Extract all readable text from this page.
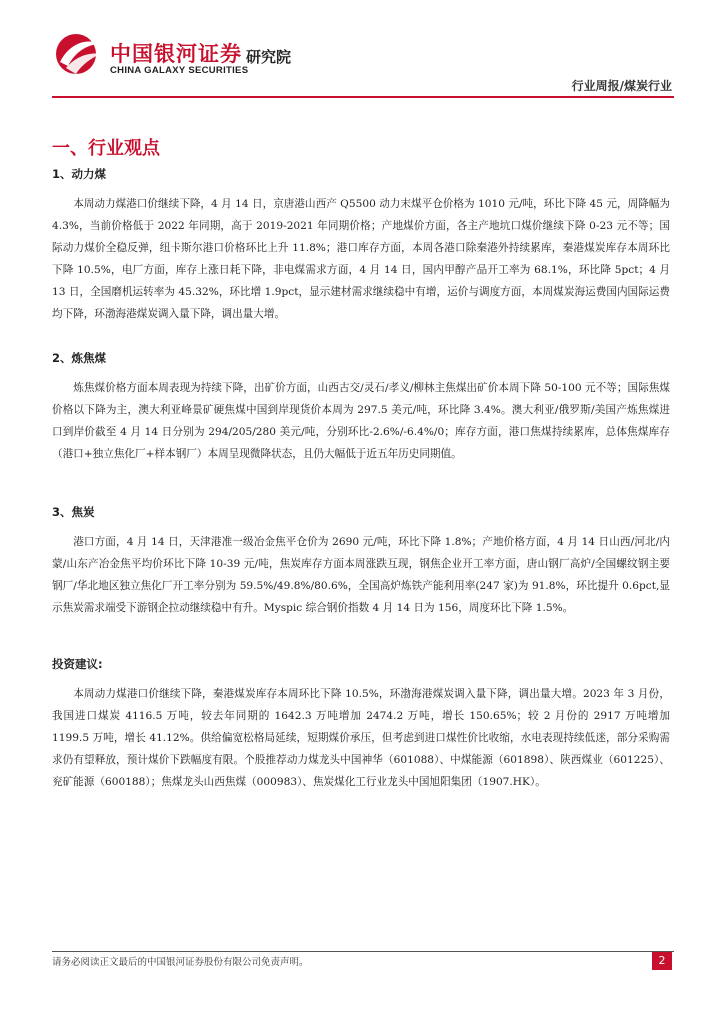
中国银河证券
CHINA GALAXY SECURITIES
研究院
行业周报/煤炭行业
一、行业观点
1、动力煤

本周动力煤港口价继续下降，4 月 14 日，京唐港山西产 Q5500 动力末煤平仓价格为 1010 元/吨，环比下降 45 元，周降幅为 4.3%，当前价格低于 2022 年同期，高于 2019-2021 年同期价格；产地煤价方面，各主产地坑口煤价继续下降 0-23 元不等；国际动力煤价全稳反弹，纽卡斯尔港口价格环比上升 11.8%；港口库存方面，本周各港口除秦港外持续累库，秦港煤炭库存本周环比下降 10.5%，电厂方面，库存上涨日耗下降，非电煤需求方面，4 月 14 日，国内甲醇产品开工率为 68.1%，环比降 5pct；4 月 13 日，全国磨机运转率为 45.32%，环比增 1.9pct，显示建材需求继续稳中有增，运价与调度方面，本周煤炭海运费国内国际运费均下降，环渤海港煤炭调入量下降，调出量大增。

2、炼焦煤

炼焦煤价格方面本周表现为持续下降，出矿价方面，山西古交/灵石/孝义/柳林主焦煤出矿价本周下降 50-100 元不等；国际焦煤价格以下降为主，澳大利亚峰景矿硬焦煤中国到岸现货价本周为 297.5 美元/吨，环比降 3.4%。澳大利亚/俄罗斯/美国产炼焦煤进口到岸价截至 4 月 14 日分别为 294/205/280 美元/吨，分别环比-2.6%/-6.4%/0；库存方面，港口焦煤持续累库，总体焦煤库存（港口+独立焦化厂+样本钢厂）本周呈现微降状态，且仍大幅低于近五年历史同期值。

3、焦炭

港口方面，4 月 14 日，天津港准一级冶金焦平仓价为 2690 元/吨，环比下降 1.8%；产地价格方面，4 月 14 日山西/河北/内蒙/山东产冶金焦平均价环比下降 10-39 元/吨，焦炭库存方面本周涨跌互现，钢焦企业开工率方面，唐山钢厂高炉/全国螺纹钢主要钢厂/华北地区独立焦化厂开工率分别为 59.5%/49.8%/80.6%，全国高炉炼铁产能利用率(247 家)为 91.8%，环比提升 0.6pct,显示焦炭需求端受下游钢企拉动继续稳中有升。Myspic 综合钢价指数 4 月 14 日为 156，周度环比下降 1.5%。

投资建议:

本周动力煤港口价继续下降，秦港煤炭库存本周环比下降 10.5%，环渤海港煤炭调入量下降，调出量大增。2023 年 3 月份，我国进口煤炭 4116.5 万吨，较去年同期的 1642.3 万吨增加 2474.2 万吨，增长 150.65%；较 2 月份的 2917 万吨增加 1199.5 万吨，增长 41.12%。供给偏宽松格局延续，短期煤价承压，但考虑到进口煤性价比收缩，水电表现持续低迷，部分采购需求仍有望释放，预计煤价下跌幅度有限。个股推荐动力煤龙头中国神华（601088）、中煤能源（601898）、陕西煤业（601225）、兖矿能源（600188）；焦煤龙头山西焦煤（000983）、焦炭煤化工行业龙头中国旭阳集团（1907.HK）。

请务必阅读正文最后的中国银河证券股份有限公司免责声明。	2
